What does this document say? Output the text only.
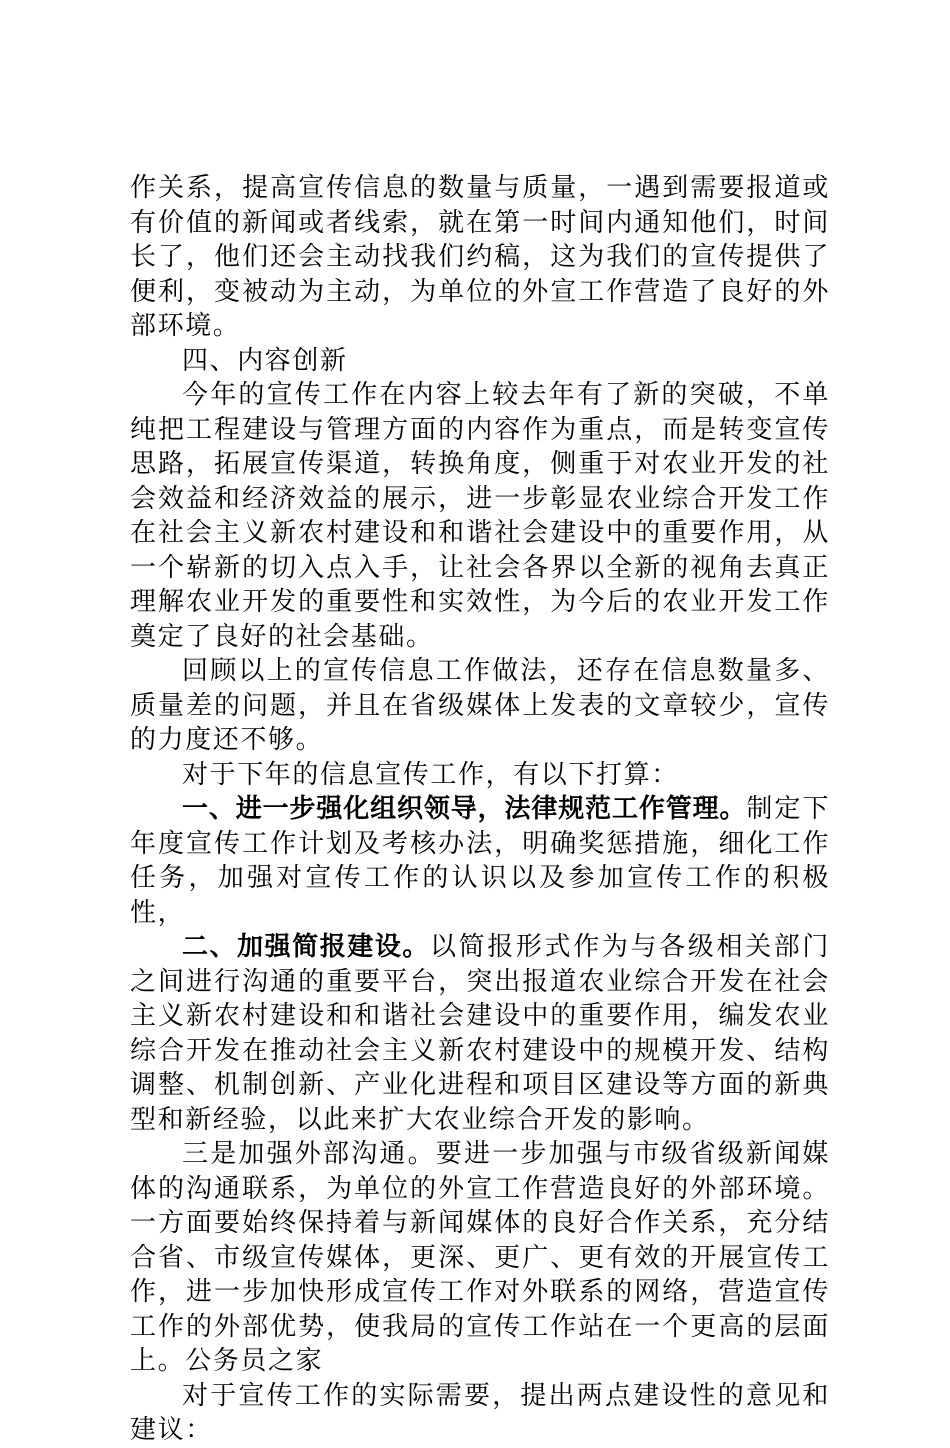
作关系，提高宣传信息的数量与质量，一遇到需要报道或有价值的新闻或者线索，就在第一时间内通知他们，时间长了，他们还会主动找我们约稿，这为我们的宣传提供了便利，变被动为主动，为单位的外宣工作营造了良好的外部环境。

四、内容创新

今年的宣传工作在内容上较去年有了新的突破，不单纯把工程建设与管理方面的内容作为重点，而是转变宣传思路，拓展宣传渠道，转换角度，侧重于对农业开发的社会效益和经济效益的展示，进一步彰显农业综合开发工作在社会主义新农村建设和和谐社会建设中的重要作用，从一个崭新的切入点入手，让社会各界以全新的视角去真正理解农业开发的重要性和实效性，为今后的农业开发工作奠定了良好的社会基础。

回顾以上的宣传信息工作做法，还存在信息数量多、质量差的问题，并且在省级媒体上发表的文章较少，宣传的力度还不够。

对于下年的信息宣传工作，有以下打算：

一、进一步强化组织领导，法律规范工作管理。制定下年度宣传工作计划及考核办法，明确奖惩措施，细化工作任务，加强对宣传工作的认识以及参加宣传工作的积极性，

二、加强简报建设。以简报形式作为与各级相关部门之间进行沟通的重要平台，突出报道农业综合开发在社会主义新农村建设和和谐社会建设中的重要作用，编发农业综合开发在推动社会主义新农村建设中的规模开发、结构调整、机制创新、产业化进程和项目区建设等方面的新典型和新经验，以此来扩大农业综合开发的影响。

三是加强外部沟通。要进一步加强与市级省级新闻媒体的沟通联系，为单位的外宣工作营造良好的外部环境。一方面要始终保持着与新闻媒体的良好合作关系，充分结合省、市级宣传媒体，更深、更广、更有效的开展宣传工作，进一步加快形成宣传工作对外联系的网络，营造宣传工作的外部优势，使我局的宣传工作站在一个更高的层面上。公务员之家

对于宣传工作的实际需要，提出两点建设性的意见和建议：
